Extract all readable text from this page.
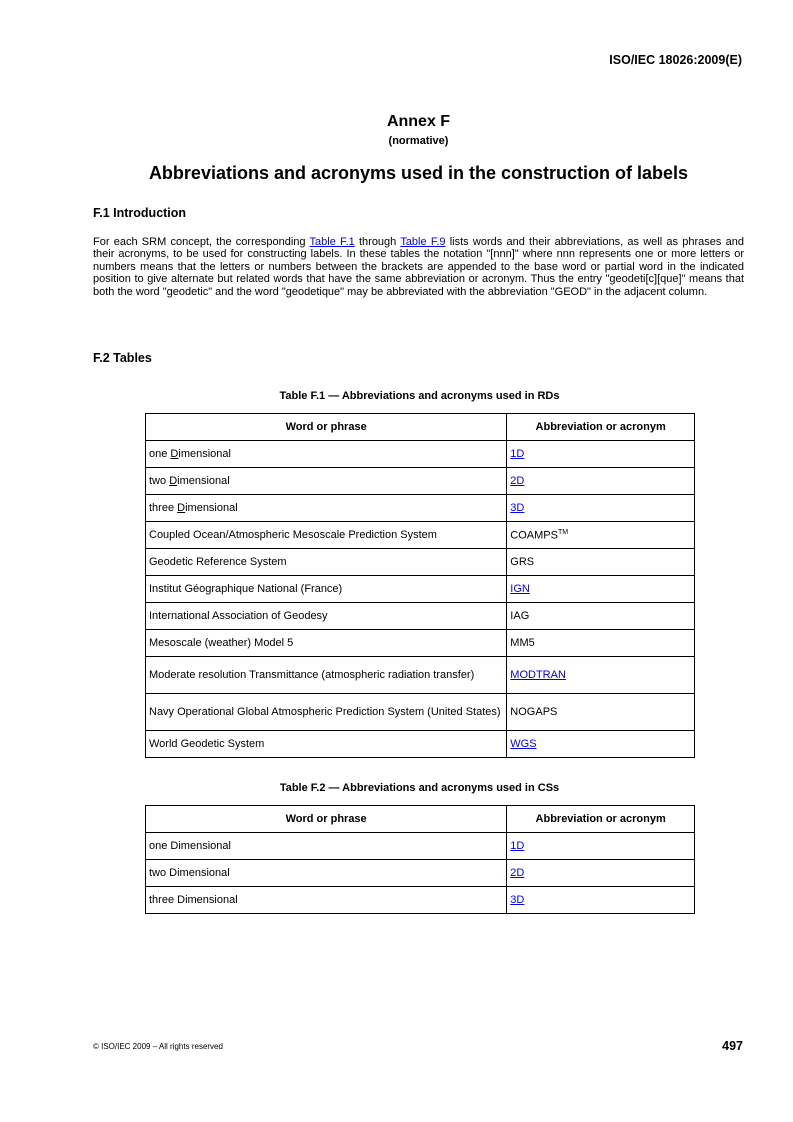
ISO/IEC 18026:2009(E)
Annex F
(normative)
Abbreviations and acronyms used in the construction of labels
F.1 Introduction
For each SRM concept, the corresponding Table F.1 through Table F.9 lists words and their abbreviations, as well as phrases and their acronyms, to be used for constructing labels. In these tables the notation "[nnn]" where nnn represents one or more letters or numbers means that the letters or numbers between the brackets are appended to the base word or partial word in the indicated position to give alternate but related words that have the same abbreviation or acronym. Thus the entry "geodeti[c][que]" means that both the word "geodetic" and the word "geodetique" may be abbreviated with the abbreviation "GEOD" in the adjacent column.
F.2 Tables
Table F.1 — Abbreviations and acronyms used in RDs
Word or phrase	Abbreviation or acronym
one Dimensional	1D
two Dimensional	2D
three Dimensional	3D
Coupled Ocean/Atmospheric Mesoscale Prediction System	COAMPS™
Geodetic Reference System	GRS
Institut Géographique National (France)	IGN
International Association of Geodesy	IAG
Mesoscale (weather) Model 5	MM5
Moderate resolution Transmittance (atmospheric radiation transfer)	MODTRAN
Navy Operational Global Atmospheric Prediction System (United States)	NOGAPS
World Geodetic System	WGS
Table F.2 — Abbreviations and acronyms used in CSs
Word or phrase	Abbreviation or acronym
one Dimensional	1D
two Dimensional	2D
three Dimensional	3D
© ISO/IEC 2009 – All rights reserved	497
